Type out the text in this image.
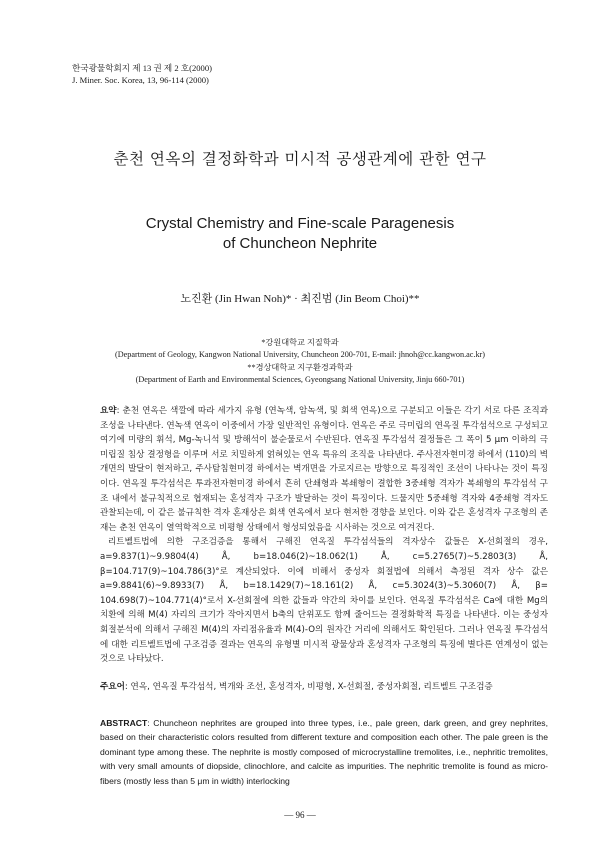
한국광물학회지 제 13 권 제 2 호(2000)
J. Miner. Soc. Korea, 13, 96-114 (2000)
춘천 연옥의 결정화학과 미시적 공생관계에 관한 연구
Crystal Chemistry and Fine-scale Paragenesis
of Chuncheon Nephrite
노진환 (Jin Hwan Noh)* · 최진범 (Jin Beom Choi)**
*강원대학교 지질학과
(Department of Geology, Kangwon National University, Chuncheon 200-701, E-mail: jhnoh@cc.kangwon.ac.kr)
**경상대학교 지구환경과학과
(Department of Earth and Environmental Sciences, Gyeongsang National University, Jinju 660-701)

요약: 춘천 연옥은 색깔에 따라 세가지 유형 (연녹색, 암녹색, 및 회색 연옥)으로 구분되고 이들은 각기 서로 다른 조직과 조성을 나타낸다. 연녹색 연옥이 이중에서 가장 일반적인 유형이다. 연옥은 주로 극미립의 연옥질 투각섬석으로 구성되고 여기에 미량의 휘석, Mg-녹니석 및 방해석이 불순물로서 수반된다. 연옥질 투각섬석 결정들은 그 폭이 5 μm 이하의 극미립질 침상 결정형을 이루며 서로 치밀하게 얽혀있는 연옥 특유의 조직을 나타낸다. 주사전자현미경 하에서 (110)의 벽개면의 발달이 현저하고, 주사탐침현미경 하에서는 벽개면을 가로지르는 방향으로 특징적인 조선이 나타나는 것이 특징이다. 연옥질 투각섬석은 투과전자현미경 하에서 흔히 단쇄형과 복쇄형이 결합한 3중쇄형 격자가 복쇄형의 투각섬석 구조 내에서 불규칙적으로 협재되는 혼성격자 구조가 발달하는 것이 특징이다. 드물지만 5중쇄형 격자와 4중쇄형 격자도 관찰되는데, 이 같은 불규칙한 격자 혼재상은 회색 연옥에서 보다 현저한 경향을 보인다. 이와 같은 혼성격자 구조형의 존재는 춘천 연옥이 열역학적으로 비평형 상태에서 형성되었음을 시사하는 것으로 여겨진다.

리트벨트법에 의한 구조검증을 통해서 구해진 연옥질 투각섬석들의 격자상수 값들은 X-선회절의 경우, a=9.837(1)~9.9804(4) Å, b=18.046(2)~18.062(1) Å, c=5.2765(7)~5.2803(3) Å, β=104.717(9)~104.786(3)°로 계산되었다. 이에 비해서 중성자 회절법에 의해서 측정된 격자 상수 값은 a=9.8841(6)~9.8933(7) Å, b=18.1429(7)~18.161(2) Å, c=5.3024(3)~5.3060(7) Å, β= 104.698(7)~104.771(4)°로서 X-선회절에 의한 값들과 약간의 차이를 보인다. 연옥질 투각섬석은 Ca에 대한 Mg의 치환에 의해 M(4) 자리의 크기가 작아지면서 b축의 단위포도 함께 줄어드는 결정화학적 특징을 나타낸다. 이는 중성자 회절분석에 의해서 구해진 M(4)의 자리점유율과 M(4)-O의 원자간 거리에 의해서도 확인된다. 그러나 연옥질 투각섬석에 대한 리트벨트법에 구조검증 결과는 연옥의 유형별 미시적 광물상과 혼성격자 구조형의 특징에 별다른 연계성이 없는 것으로 나타났다.

주요어: 연옥, 연옥질 투각섬석, 벽개와 조선, 혼성격자, 비평형, X-선회절, 중성자회절, 리트벨트 구조검증
ABSTRACT: Chuncheon nephrites are grouped into three types, i.e., pale green, dark green, and grey nephrites, based on their characteristic colors resulted from different texture and composition each other. The pale green is the dominant type among these. The nephrite is mostly composed of microcrystalline tremolites, i.e., nephritic tremolites, with very small amounts of diopside, clinochlore, and calcite as impurities. The nephritic tremolite is found as micro-fibers (mostly less than 5 μm in width) interlocking
— 96 —
